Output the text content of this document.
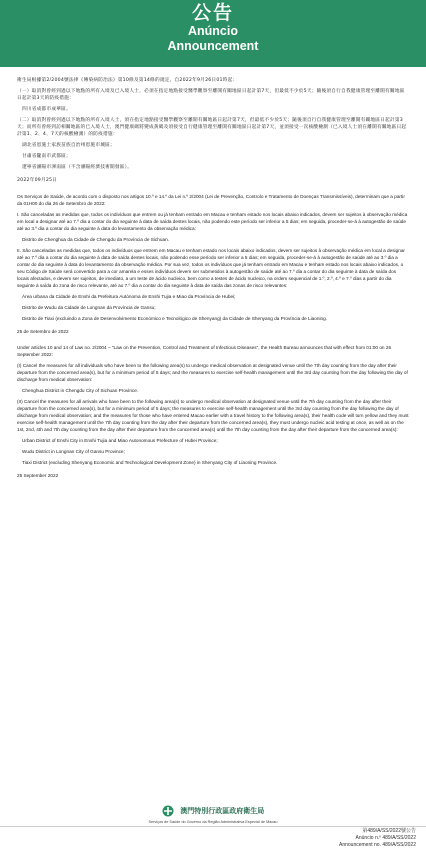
公告
Anúncio
Announcement

衛生局根據第2/2004號法律《傳染病防治法》第10條及第14條的規定，自2022年9月26日01時起：

（一）取消對曾經到過以下地點的所有入境及已入境人士，必須在指定地點接受醫學觀察至離開有關地區日起計第7天，但最低不少於5天；隨後須自行自我健康管理至離開有關地區日起計第3天的防疫措施：

四川省成都市成華區。

（二）取消對曾經到過以下地點的所有入境人士，須在指定地點接受醫學觀察至離開有關地區日起計第7天，但最低不少於5天；隨後須自行自我健康管理至離開有關地區日起計第3天；而所有曾經到訪相關地區的已入境人士，澳門健康碼將變成黃碼及須接受自行健康管理至離開有關地區日起計第7天，並須接受一次核酸檢測（已入境人士須在離開有關地區日起計第1、2、4、7天的核酸檢測）的防疫措施：

湖北省恩施土家族苗族自治州恩施市城區；
甘肅省隴南市武都區；
遼寧省瀋陽市渾南區（不含瀋陽經濟技術開發區）。
2022年09月25日

Os Serviços de Saúde, de acordo com o disposto nos artigos 10.º e 14.º da Lei n.º 2/2004 (Lei de Prevenção, Controlo e Tratamento de Doenças Transmissíveis), determinam que a partir da 01H00 do dia 26 de Setembro de 2022:

I. São canceladas as medidas que, todos os indivíduos que entrem ou já tenham entrado em Macau e tenham estado nos locais abaixo indicados, devem ser sujeitos à observação médica em local a designar até ao 7.º dia a contar do dia seguinte à data de saída destes locais, não podendo este período ser inferior a 5 dias; em seguida, proceder-se-á à autogestão de saúde até ao 3.º dia a contar do dia seguinte à data do levantamento da observação médica:

Distrito de Chenghua da Cidade de Chengdu da Província de Sichuan.

II. São canceladas as medidas que, todos os indivíduos que entrem em Macau e tenham estado nos locais abaixo indicados, devem ser sujeitos à observação médica em local a designar até ao 7.º dia a contar do dia seguinte à data de saída destes locais, não podendo esse período ser inferior a 5 dias; em seguida, proceder-se-á à autogestão de saúde até ao 3.º dia a contar do dia seguinte à data do levantamento da observação médica. Por sua vez, todos os indivíduos que já tenham entrado em Macau e tenham estado nos locais abaixo indicados, o seu Código de Saúde será convertido para a cor amarela e esses indivíduos devem ser submetidos à autogestão de saúde até ao 7.º dia a contar do dia seguinte à data de saída dos locais afectados, e devem ser sujeitos, de imediato, a um teste de ácido nucleico, bem como a testes de ácido nucleico, na ordem sequencial de 1.º, 2.º, 4.º e 7.º dias a partir do dia seguinte à saída do zona de risco relevante, até ao 7.º dia a contar do dia seguinte à data de saída das zonas de risco relevantes:

Área urbana da Cidade de Enshi da Prefeitura Autónoma de Enshi Tujia e Miao da Província de Hubei;
Distrito de Wudu da Cidade de Longnan da Província de Gansu;
Distrito de Tiaxi (excluindo a Zona de Desenvolvimento Económico e Tecnológico de Shenyang) da Cidade de Shenyang da Província de Liaoning.
25 de Setembro de 2022

Under articles 10 and 14 of Law no. 2/2004 – "Law on the Prevention, Control and Treatment of Infectious Diseases", the Health Bureau announces that with effect from 01:00 on 26 September 2022:

(I) Cancel the measures for all individuals who have been to the following area(s) to undergo medical observation at designated venue until the 7th day counting from the day after their departure from the concerned area(s), but for a minimum period of 5 days; and the measures to exercise self-health management until the 3rd day counting from the day following the day of discharge from medical observation:

Chenghua District in Chengdu City of Sichuan Province.

(II) Cancel the measures for all arrivals who have been to the following area(s) to undergo medical observation at designated venue until the 7th day counting from the day after their departure from the concerned area(s), but for a minimum period of 5 days; the measures to exercise self-health management until the 3rd day counting from the day following the day of discharge from medical observation; and the measures for those who have entered Macao earlier with a travel history to the following area(s), their health code will turn yellow and they must exercise self-health management until the 7th day counting from the day after their departure from the concerned area(s), they must undergo nucleic acid testing at once, as well as on the 1st, 2nd, 4th and 7th day counting from the day after their departure from the concerned area(s) until the 7th day counting from the day after their departure from the concerned area(s):

Urban District of Enshi City in Enshi Tujia and Miao Autonomous Prefecture of Hubei Province;
Wudu District in Longnan City of Gansu Province;
Tiaxi District (excluding Shenyang Economic and Technological Development Zone) in Shenyang City of Liaoning Province.
25 September 2022
澳門特別行政區政府衛生局
Serviços de Saúde do Governo da Região Administrativa Especial de Macau
第489/A/SS/2022號公告
Anúncio n.º 489/A/SS/2022
Announcement no. 489/A/SS/2022
